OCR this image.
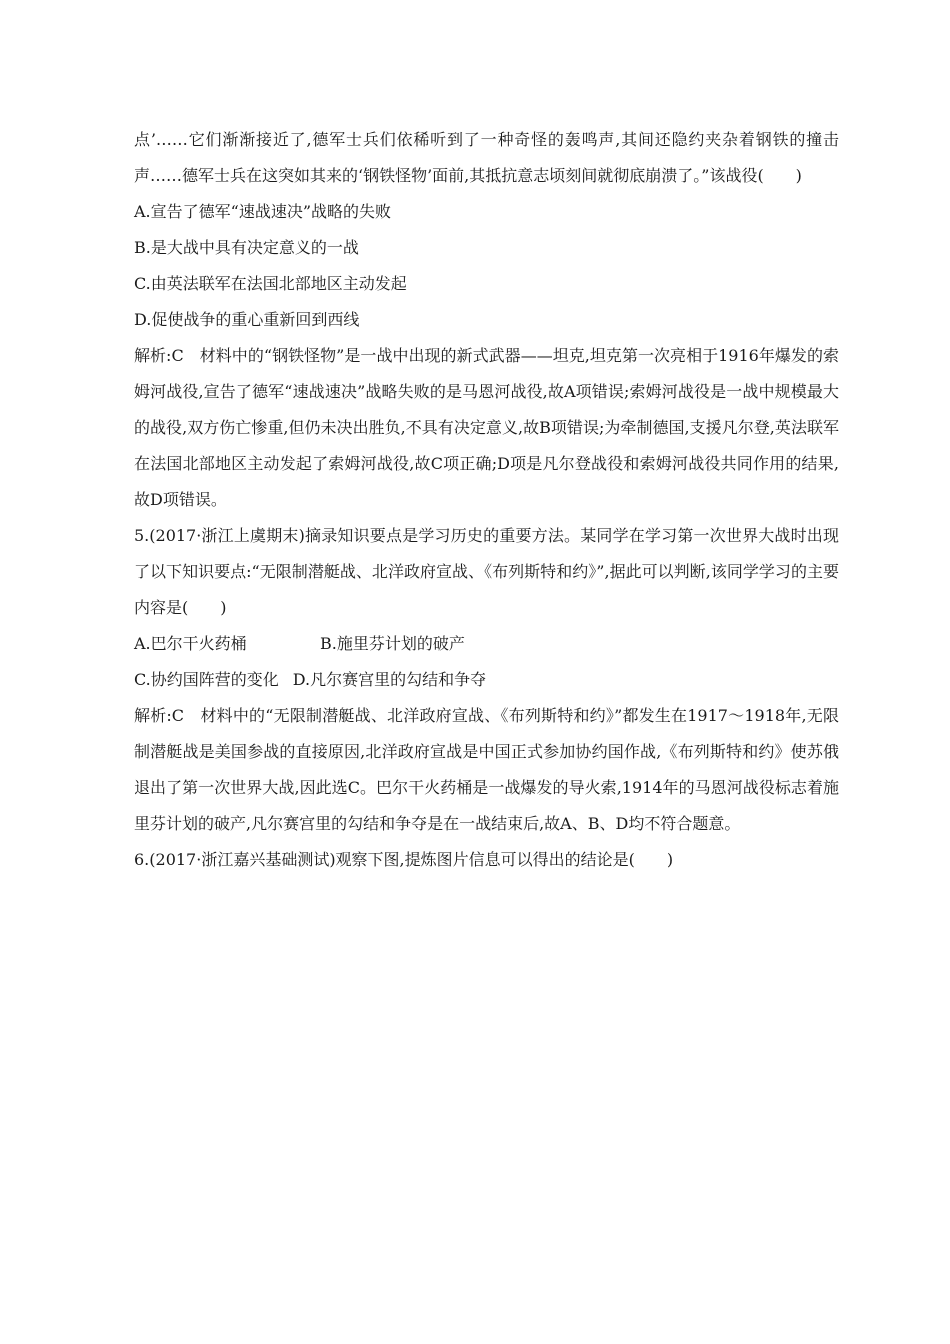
点’……它们渐渐接近了,德军士兵们依稀听到了一种奇怪的轰鸣声,其间还隐约夹杂着钢铁的撞击声……德军士兵在这突如其来的‘钢铁怪物’面前,其抵抗意志顷刻间就彻底崩溃了。”该战役(　　)

A.宣告了德军“速战速决”战略的失败

B.是大战中具有决定意义的一战

C.由英法联军在法国北部地区主动发起

D.促使战争的重心重新回到西线

解析:C　材料中的“钢铁怪物”是一战中出现的新式武器——坦克,坦克第一次亮相于1916年爆发的索姆河战役,宣告了德军“速战速决”战略失败的是马恩河战役,故A项错误;索姆河战役是一战中规模最大的战役,双方伤亡惨重,但仍未决出胜负,不具有决定意义,故B项错误;为牵制德国,支援凡尔登,英法联军在法国北部地区主动发起了索姆河战役,故C项正确;D项是凡尔登战役和索姆河战役共同作用的结果,故D项错误。

5.(2017·浙江上虞期末)摘录知识要点是学习历史的重要方法。某同学在学习第一次世界大战时出现了以下知识要点:“无限制潜艇战、北洋政府宣战、《布列斯特和约》”,据此可以判断,该同学学习的主要内容是(　　)

A.巴尔干火药桶	B.施里芬计划的破产
C.协约国阵营的变化 D.凡尔赛宫里的勾结和争夺

解析:C　材料中的“无限制潜艇战、北洋政府宣战、《布列斯特和约》”都发生在1917～1918年,无限制潜艇战是美国参战的直接原因,北洋政府宣战是中国正式参加协约国作战,《布列斯特和约》使苏俄退出了第一次世界大战,因此选C。巴尔干火药桶是一战爆发的导火索,1914年的马恩河战役标志着施里芬计划的破产,凡尔赛宫里的勾结和争夺是在一战结束后,故A、B、D均不符合题意。

6.(2017·浙江嘉兴基础测试)观察下图,提炼图片信息可以得出的结论是(　　)
